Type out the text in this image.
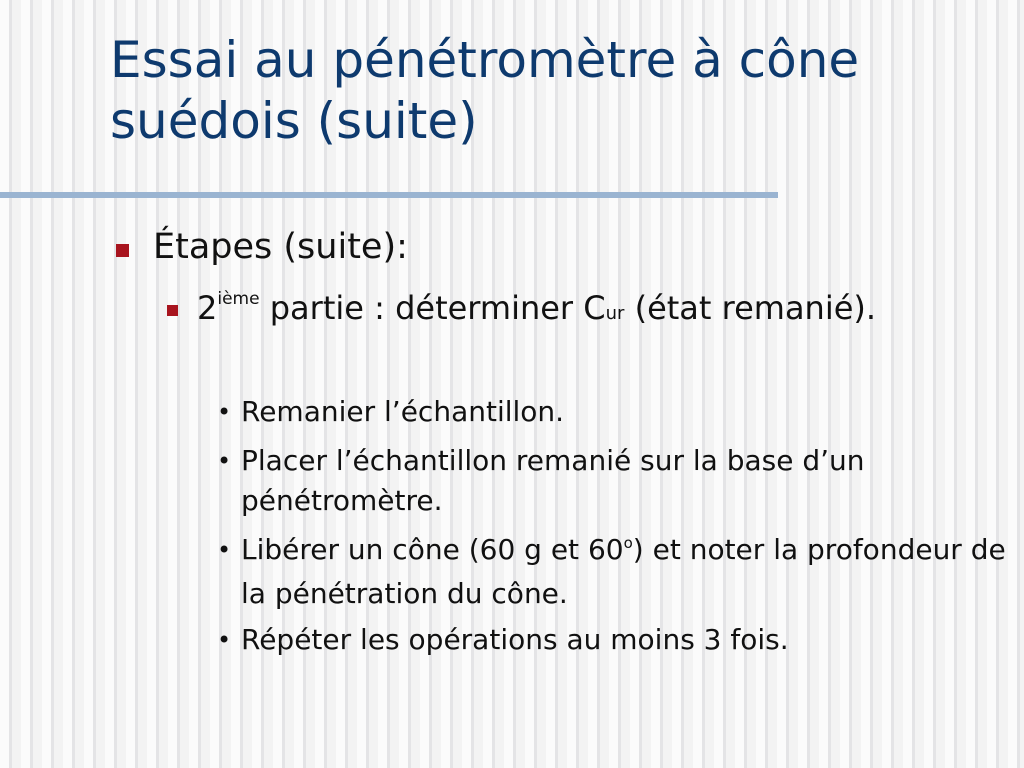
Essai au pénétromètre à cône suédois (suite)
Étapes (suite):
2ième partie : déterminer Cur (état remanié).
• Remanier l’échantillon.
• Placer l’échantillon remanié sur la base d’un pénétromètre.
• Libérer un cône (60 g et 60$^o$) et noter la profondeur de la pénétration du cône.
• Répéter les opérations au moins 3 fois.
